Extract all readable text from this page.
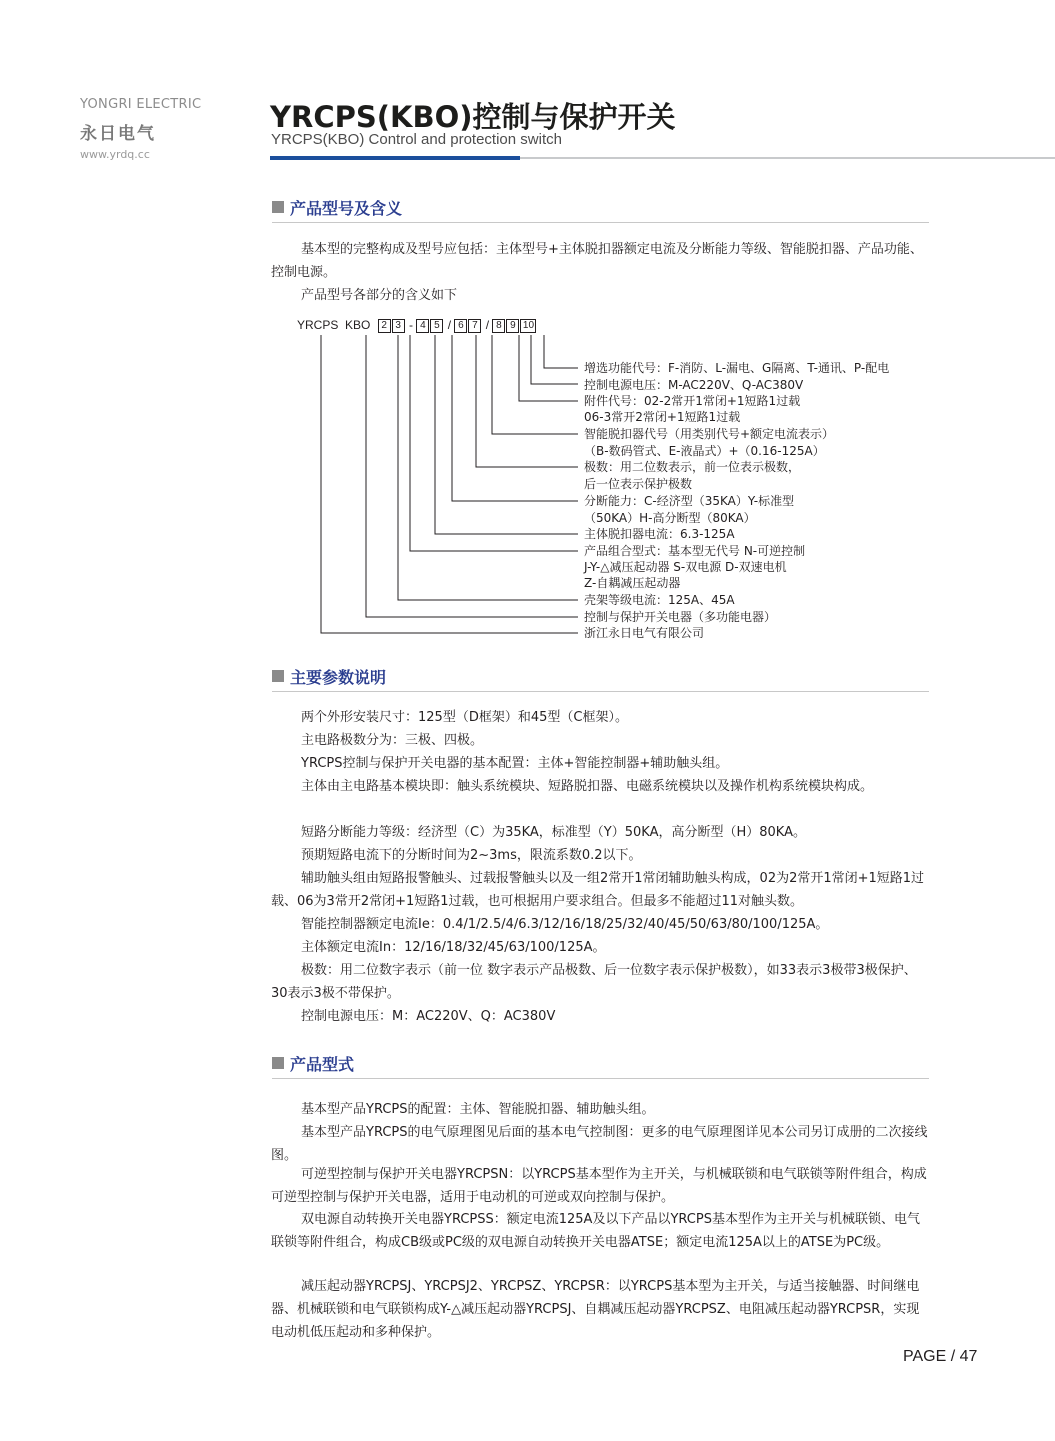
YONGRI ELECTRIC
永日电气
www.yrdq.cc
YRCPS(KBO)控制与保护开关
YRCPS(KBO) Control and protection switch
产品型号及含义

基本型的完整构成及型号应包括：主体型号+主体脱扣器额定电流及分断能力等级、智能脱扣器、产品功能、控制电源。

产品型号各部分的含义如下

YRCPS  KBO 2 3 - 4 5 / 6 7 / 8 9 10
增选功能代号：F-消防、L-漏电、G隔离、T-通讯、P-配电
控制电源电压：M-AC220V、Q-AC380V
附件代号：02-2常开1常闭+1短路1过载
06-3常开2常闭+1短路1过载
智能脱扣器代号（用类别代号+额定电流表示）
（B-数码管式、E-液晶式）+（0.16-125A）
极数：用二位数表示，前一位表示极数，
后一位表示保护极数
分断能力：C-经济型（35KA）Y-标准型
（50KA）H-高分断型（80KA）
主体脱扣器电流：6.3-125A
产品组合型式：基本型无代号 N-可逆控制
J-Y-△减压起动器 S-双电源 D-双速电机
Z-自耦减压起动器
壳架等级电流：125A、45A
控制与保护开关电器（多功能电器）
浙江永日电气有限公司
主要参数说明

两个外形安装尺寸：125型（D框架）和45型（C框架）。

主电路极数分为：三极、四极。

YRCPS控制与保护开关电器的基本配置：主体+智能控制器+辅助触头组。

主体由主电路基本模块即：触头系统模块、短路脱扣器、电磁系统模块以及操作机构系统模块构成。

短路分断能力等级：经济型（C）为35KA，标准型（Y）50KA，高分断型（H）80KA。

预期短路电流下的分断时间为2~3ms，限流系数0.2以下。

辅助触头组由短路报警触头、过载报警触头以及一组2常开1常闭辅助触头构成，02为2常开1常闭+1短路1过载、06为3常开2常闭+1短路1过载，也可根据用户要求组合。但最多不能超过11对触头数。

智能控制器额定电流Ie：0.4/1/2.5/4/6.3/12/16/18/25/32/40/45/50/63/80/100/125A。

主体额定电流In：12/16/18/32/45/63/100/125A。

极数：用二位数字表示（前一位 数字表示产品极数、后一位数字表示保护极数），如33表示3极带3极保护、30表示3极不带保护。

控制电源电压：M：AC220V、Q：AC380V

产品型式

基本型产品YRCPS的配置：主体、智能脱扣器、辅助触头组。

基本型产品YRCPS的电气原理图见后面的基本电气控制图：更多的电气原理图详见本公司另订成册的二次接线图。

可逆型控制与保护开关电器YRCPSN：以YRCPS基本型作为主开关，与机械联锁和电气联锁等附件组合，构成可逆型控制与保护开关电器，适用于电动机的可逆或双向控制与保护。

双电源自动转换开关电器YRCPSS：额定电流125A及以下产品以YRCPS基本型作为主开关与机械联锁、电气联锁等附件组合，构成CB级或PC级的双电源自动转换开关电器ATSE；额定电流125A以上的ATSE为PC级。

减压起动器YRCPSJ、YRCPSJ2、YRCPSZ、YRCPSR：以YRCPS基本型为主开关，与适当接触器、时间继电器、机械联锁和电气联锁构成Y-△减压起动器YRCPSJ、自耦减压起动器YRCPSZ、电阻减压起动器YRCPSR，实现电动机低压起动和多种保护。

PAGE / 47
